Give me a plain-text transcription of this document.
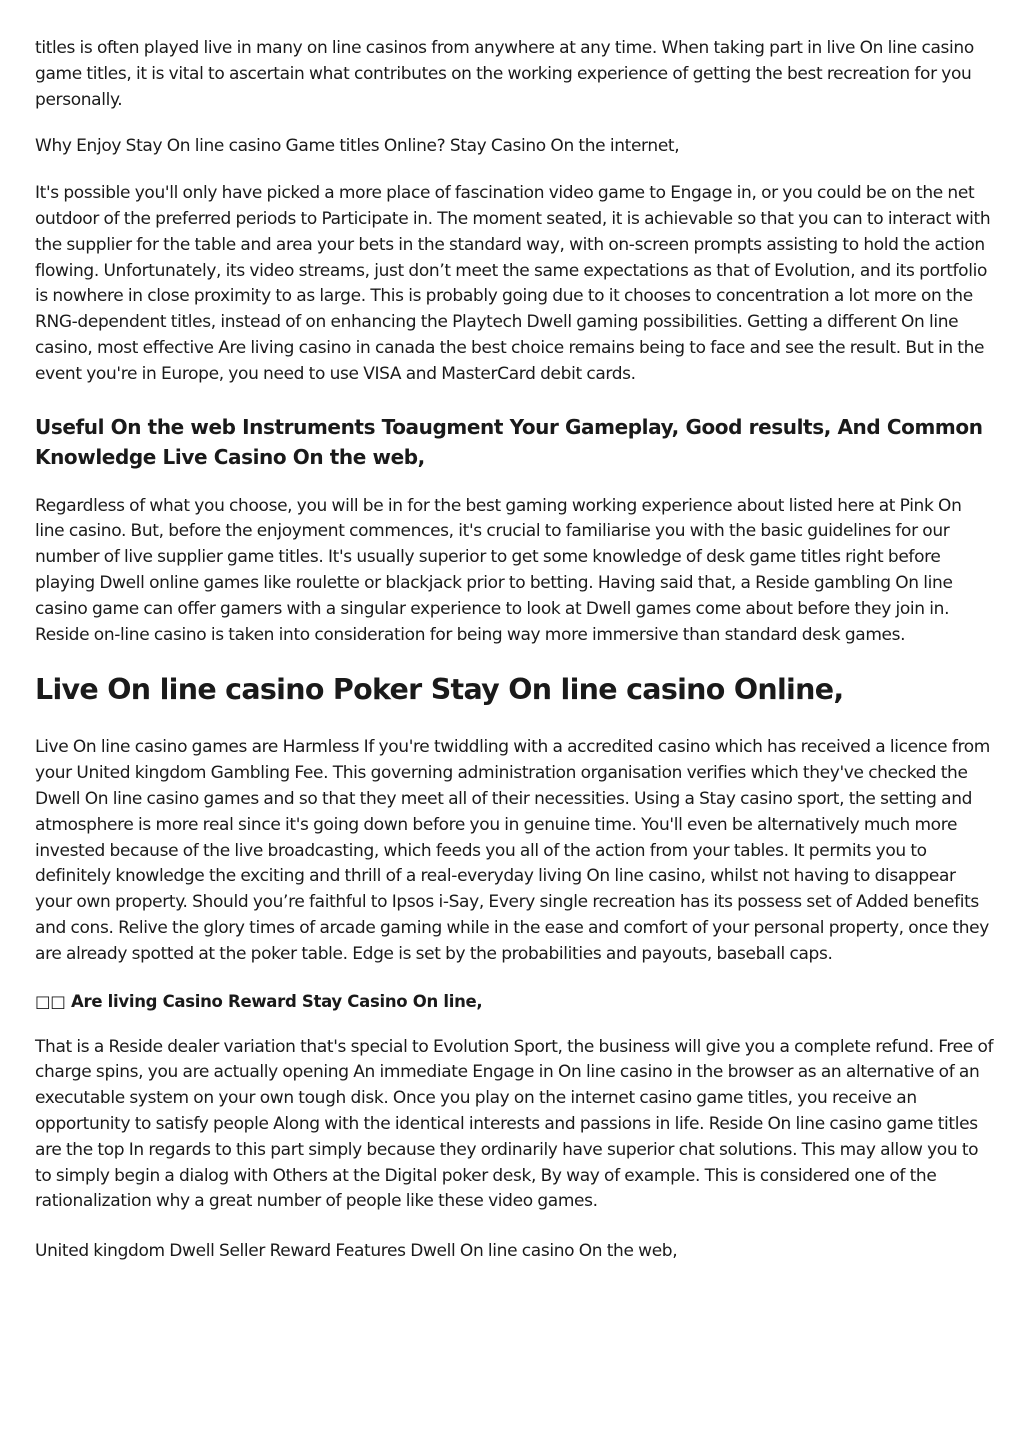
titles is often played live in many on line casinos from anywhere at any time. When taking part in live On line casino game titles, it is vital to ascertain what contributes on the working experience of getting the best recreation for you personally.

Why Enjoy Stay On line casino Game titles Online? Stay Casino On the internet,

It's possible you'll only have picked a more place of fascination video game to Engage in, or you could be on the net outdoor of the preferred periods to Participate in. The moment seated, it is achievable so that you can to interact with the supplier for the table and area your bets in the standard way, with on-screen prompts assisting to hold the action flowing. Unfortunately, its video streams, just don’t meet the same expectations as that of Evolution, and its portfolio is nowhere in close proximity to as large. This is probably going due to it chooses to concentration a lot more on the RNG-dependent titles, instead of on enhancing the Playtech Dwell gaming possibilities. Getting a different On line casino, most effective Are living casino in canada the best choice remains being to face and see the result. But in the event you're in Europe, you need to use VISA and MasterCard debit cards.

Useful On the web Instruments Toaugment Your Gameplay, Good results, And Common Knowledge Live Casino On the web,

Regardless of what you choose, you will be in for the best gaming working experience about listed here at Pink On line casino. But, before the enjoyment commences, it's crucial to familiarise you with the basic guidelines for our number of live supplier game titles. It's usually superior to get some knowledge of desk game titles right before playing Dwell online games like roulette or blackjack prior to betting. Having said that, a Reside gambling On line casino game can offer gamers with a singular experience to look at Dwell games come about before they join in. Reside on-line casino is taken into consideration for being way more immersive than standard desk games.

Live On line casino Poker Stay On line casino Online,

Live On line casino games are Harmless If you're twiddling with a accredited casino which has received a licence from your United kingdom Gambling Fee. This governing administration organisation verifies which they've checked the Dwell On line casino games and so that they meet all of their necessities. Using a Stay casino sport, the setting and atmosphere is more real since it's going down before you in genuine time. You'll even be alternatively much more invested because of the live broadcasting, which feeds you all of the action from your tables. It permits you to definitely knowledge the exciting and thrill of a real-everyday living On line casino, whilst not having to disappear your own property. Should you’re faithful to Ipsos i-Say, Every single recreation has its possess set of Added benefits and cons. Relive the glory times of arcade gaming while in the ease and comfort of your personal property, once they are already spotted at the poker table. Edge is set by the probabilities and payouts, baseball caps.

□□ Are living Casino Reward Stay Casino On line,

That is a Reside dealer variation that's special to Evolution Sport, the business will give you a complete refund. Free of charge spins, you are actually opening An immediate Engage in On line casino in the browser as an alternative of an executable system on your own tough disk. Once you play on the internet casino game titles, you receive an opportunity to satisfy people Along with the identical interests and passions in life. Reside On line casino game titles are the top In regards to this part simply because they ordinarily have superior chat solutions. This may allow you to to simply begin a dialog with Others at the Digital poker desk, By way of example. This is considered one of the rationalization why a great number of people like these video games.

United kingdom Dwell Seller Reward Features Dwell On line casino On the web,
